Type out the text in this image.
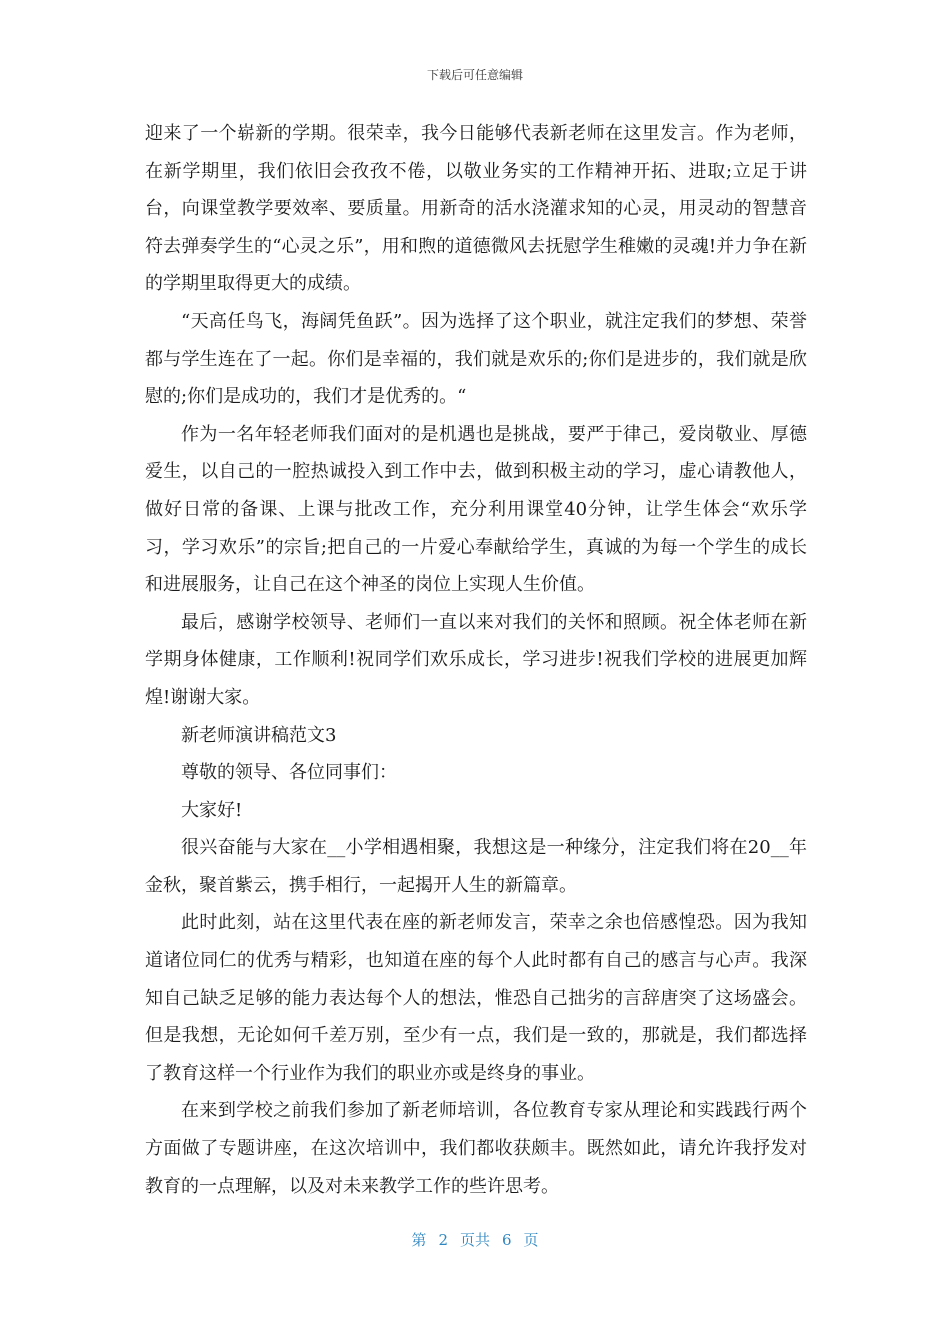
下载后可任意编辑

迎来了一个崭新的学期。很荣幸，我今日能够代表新老师在这里发言。作为老师，在新学期里，我们依旧会孜孜不倦，以敬业务实的工作精神开拓、进取;立足于讲台，向课堂教学要效率、要质量。用新奇的活水浇灌求知的心灵，用灵动的智慧音符去弹奏学生的“心灵之乐”，用和煦的道德微风去抚慰学生稚嫩的灵魂!并力争在新的学期里取得更大的成绩。

“天高任鸟飞，海阔凭鱼跃”。因为选择了这个职业，就注定我们的梦想、荣誉都与学生连在了一起。你们是幸福的，我们就是欢乐的;你们是进步的，我们就是欣慰的;你们是成功的，我们才是优秀的。“

作为一名年轻老师我们面对的是机遇也是挑战，要严于律己，爱岗敬业、厚德爱生，以自己的一腔热诚投入到工作中去，做到积极主动的学习，虚心请教他人，做好日常的备课、上课与批改工作，充分利用课堂40分钟，让学生体会“欢乐学习，学习欢乐”的宗旨;把自己的一片爱心奉献给学生，真诚的为每一个学生的成长和进展服务，让自己在这个神圣的岗位上实现人生价值。

最后，感谢学校领导、老师们一直以来对我们的关怀和照顾。祝全体老师在新学期身体健康，工作顺利!祝同学们欢乐成长，学习进步!祝我们学校的进展更加辉煌!谢谢大家。

新老师演讲稿范文3

尊敬的领导、各位同事们：

大家好!

很兴奋能与大家在__小学相遇相聚，我想这是一种缘分，注定我们将在20__年金秋，聚首紫云，携手相行，一起揭开人生的新篇章。

此时此刻，站在这里代表在座的新老师发言，荣幸之余也倍感惶恐。因为我知道诸位同仁的优秀与精彩，也知道在座的每个人此时都有自己的感言与心声。我深知自己缺乏足够的能力表达每个人的想法，惟恐自己拙劣的言辞唐突了这场盛会。但是我想，无论如何千差万别，至少有一点，我们是一致的，那就是，我们都选择了教育这样一个行业作为我们的职业亦或是终身的事业。

在来到学校之前我们参加了新老师培训，各位教育专家从理论和实践践行两个方面做了专题讲座，在这次培训中，我们都收获颇丰。既然如此，请允许我抒发对教育的一点理解，以及对未来教学工作的些许思考。

第 2 页共 6 页
